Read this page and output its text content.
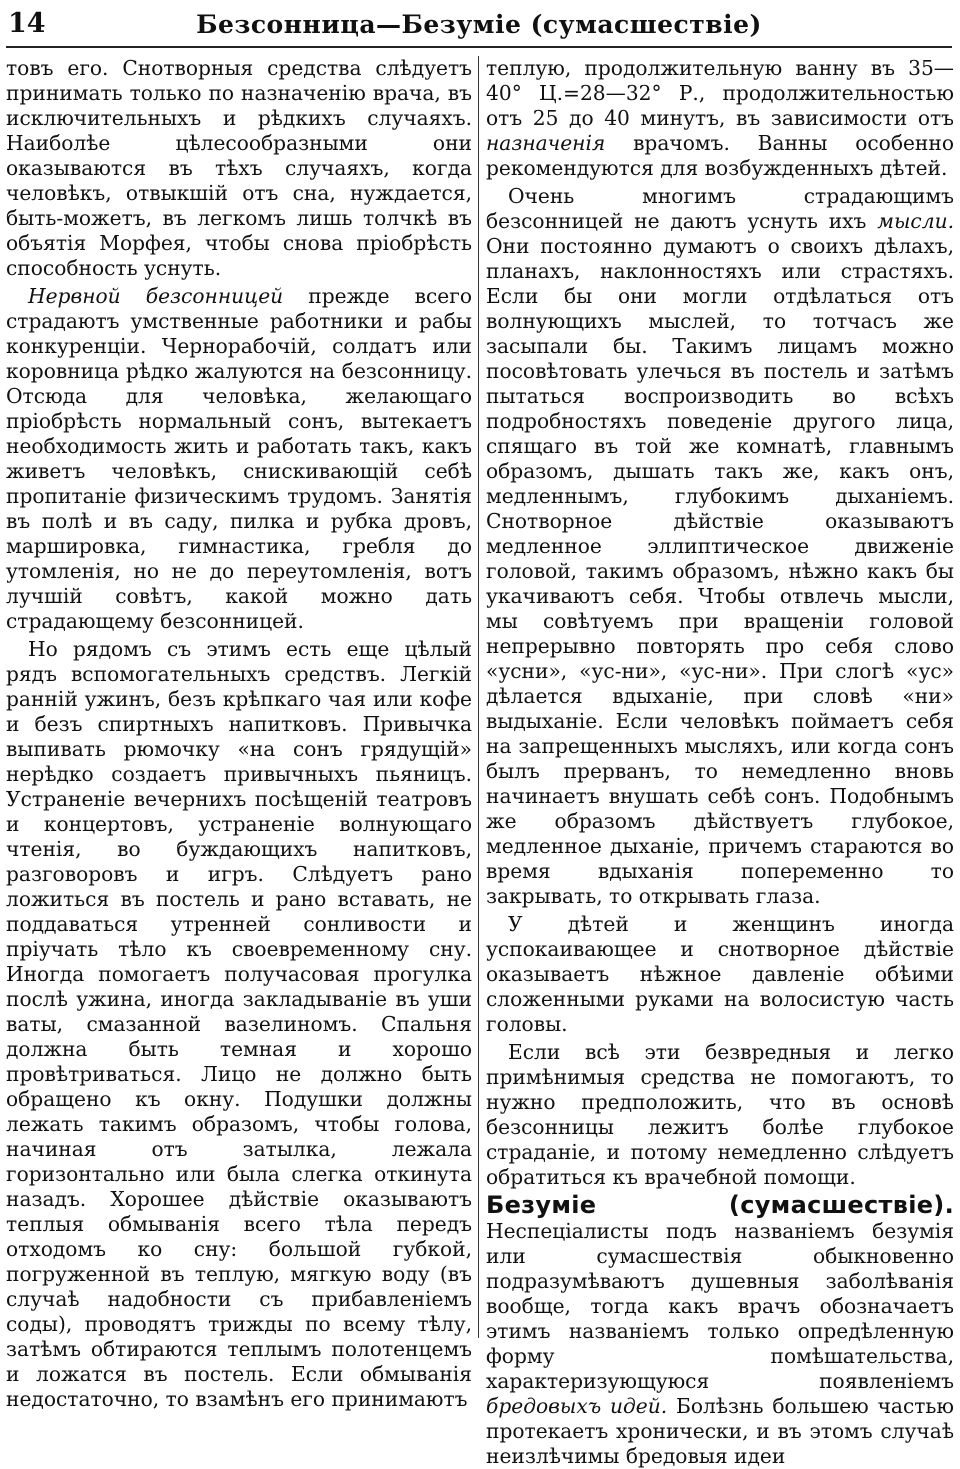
14	Безсонница—Безуміе (сумасшествіе)

товъ его. Снотворныя средства слѣдуетъ принимать только по назначенію врача, въ исключительныхъ и рѣдкихъ случаяхъ. Наиболѣе цѣлесообразными они оказываются въ тѣхъ случаяхъ, когда человѣкъ, отвыкшій отъ сна, нуждается, быть-можетъ, въ легкомъ лишь толчкѣ въ объятія Морфея, чтобы снова пріобрѣсть способность уснуть.

Нервной безсонницей прежде всего страдаютъ умственные работники и рабы конкуренціи. Чернорабочій, солдатъ или коровница рѣдко жалуются на безсонницу. Отсюда для человѣка, желающаго пріобрѣсть нормальный сонъ, вытекаетъ необходимость жить и работать такъ, какъ живетъ человѣкъ, снискивающій себѣ пропитаніе физическимъ трудомъ. Занятія въ полѣ и въ саду, пилка и рубка дровъ, маршировка, гимнастика, гребля до утомленія, но не до переутомленія, вотъ лучшій совѣтъ, какой можно дать страдающему безсонницей.

Но рядомъ съ этимъ есть еще цѣлый рядъ вспомогательныхъ средствъ. Легкій ранній ужинъ, безъ крѣпкаго чая или кофе и безъ спиртныхъ напитковъ. Привычка выпивать рюмочку «на сонъ грядущій» нерѣдко создаетъ привычныхъ пьяницъ. Устраненіе вечернихъ посѣщеній театровъ и концертовъ, устраненіе волнующаго чтенія, во буждающихъ напитковъ, разговоровъ и игръ. Слѣдуетъ рано ложиться въ постель и рано вставать, не поддаваться утренней сонливости и пріучать тѣло къ своевременному сну. Иногда помогаетъ получасовая прогулка послѣ ужина, иногда закладываніе въ уши ваты, смазанной вазелиномъ. Спальня должна быть темная и хорошо провѣтриваться. Лицо не должно быть обращено къ окну. Подушки должны лежать такимъ образомъ, чтобы голова, начиная отъ затылка, лежала горизонтально или была слегка откинута назадъ. Хорошее дѣйствіе оказываютъ теплыя обмыванія всего тѣла передъ отходомъ ко сну: большой губкой, погруженной въ теплую, мягкую воду (въ случаѣ надобности съ прибавленіемъ соды), проводятъ трижды по всему тѣлу, затѣмъ обтираются теплымъ полотенцемъ и ложатся въ постель. Если обмыванія недостаточно, то взамѣнъ его принимаютъ

теплую, продолжительную ванну въ 35—40° Ц.=28—32° Р., продолжительностью отъ 25 до 40 минутъ, въ зависимости отъ назначенія врачомъ. Ванны особенно рекомендуются для возбужденныхъ дѣтей.

Очень многимъ страдающимъ безсонницей не даютъ уснуть ихъ мысли. Они постоянно думаютъ о своихъ дѣлахъ, планахъ, наклонностяхъ или страстяхъ. Если бы они могли отдѣлаться отъ волнующихъ мыслей, то тотчасъ же засыпали бы. Такимъ лицамъ можно посовѣтовать улечься въ постель и затѣмъ пытаться воспроизводить во всѣхъ подробностяхъ поведеніе другого лица, спящаго въ той же комнатѣ, главнымъ образомъ, дышать такъ же, какъ онъ, медленнымъ, глубокимъ дыханіемъ. Снотворное дѣйствіе оказываютъ медленное эллиптическое движеніе головой, такимъ образомъ, нѣжно какъ бы укачиваютъ себя. Чтобы отвлечь мысли, мы совѣтуемъ при вращеніи головой непрерывно повторять про себя слово «усни», «ус-ни», «ус-ни». При слогѣ «ус» дѣлается вдыханіе, при словѣ «ни» выдыханіе. Если человѣкъ поймаетъ себя на запрещенныхъ мысляхъ, или когда сонъ былъ прерванъ, то немедленно вновь начинаетъ внушать себѣ сонъ. Подобнымъ же образомъ дѣйствуетъ глубокое, медленное дыханіе, причемъ стараются во время вдыханія попеременно то закрывать, то открывать глаза.

У дѣтей и женщинъ иногда успокаивающее и снотворное дѣйствіе оказываетъ нѣжное давленіе обѣими сложенными руками на волосистую часть головы.

Если всѣ эти безвредныя и легко примѣнимыя средства не помогаютъ, то нужно предположить, что въ основѣ безсонницы лежитъ болѣе глубокое страданіе, и потому немедленно слѣдуетъ обратиться къ врачебной помощи.

Безуміе (сумасшествіе). Неспеціалисты подъ названіемъ безумія или сумасшествія обыкновенно подразумѣваютъ душевныя заболѣванія вообще, тогда какъ врачъ обозначаетъ этимъ названіемъ только опредѣленную форму помѣшательства, характеризующуюся появленіемъ бредовыхъ идей. Болѣзнь большею частью протекаетъ хронически, и въ этомъ случаѣ неизлѣчимы бредовыя идеи
